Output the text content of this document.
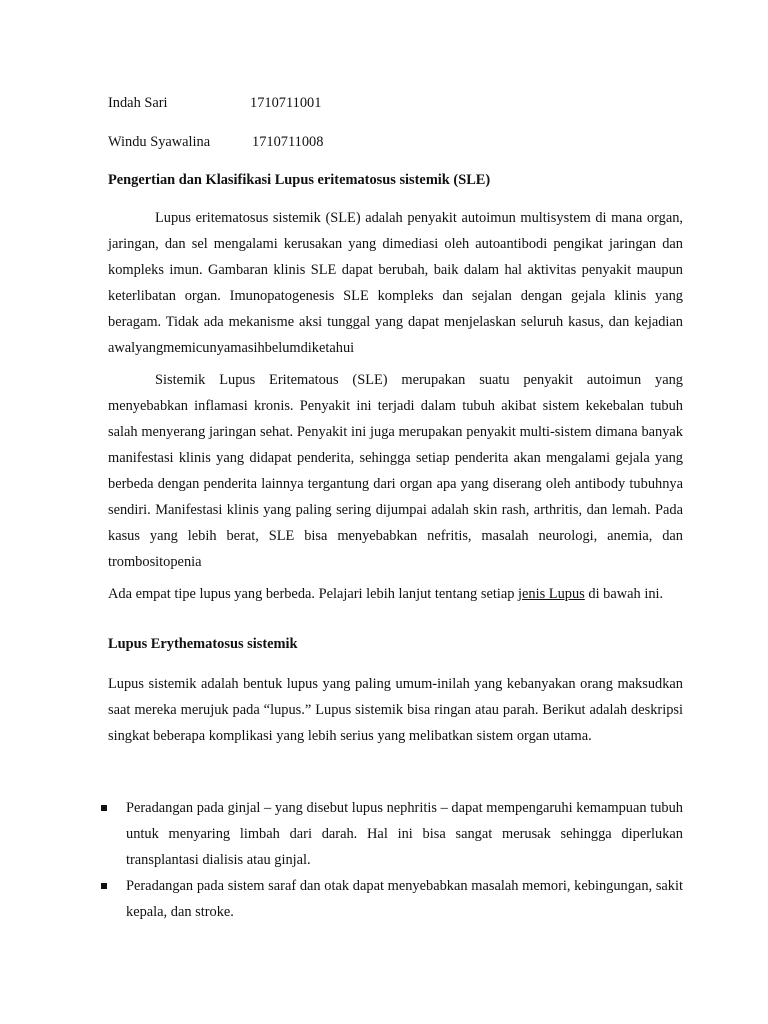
Indah Sari	1710711001
Windu Syawalina	1710711008
Pengertian dan Klasifikasi Lupus eritematosus sistemik (SLE)
Lupus eritematosus sistemik (SLE) adalah penyakit autoimun multisystem di mana organ, jaringan, dan sel mengalami kerusakan yang dimediasi oleh autoantibodi pengikat jaringan dan kompleks imun. Gambaran klinis SLE dapat berubah, baik dalam hal aktivitas penyakit maupun keterlibatan organ. Imunopatogenesis SLE kompleks dan sejalan dengan gejala klinis yang beragam. Tidak ada mekanisme aksi tunggal yang dapat menjelaskan seluruh kasus, dan kejadian awalyangmemicunyamasihbelumdiketahui
Sistemik Lupus Eritematous (SLE) merupakan suatu penyakit autoimun yang menyebabkan inflamasi kronis. Penyakit ini terjadi dalam tubuh akibat sistem kekebalan tubuh salah menyerang jaringan sehat. Penyakit ini juga merupakan penyakit multi-sistem dimana banyak manifestasi klinis yang didapat penderita, sehingga setiap penderita akan mengalami gejala yang berbeda dengan penderita lainnya tergantung dari organ apa yang diserang oleh antibody tubuhnya sendiri. Manifestasi klinis yang paling sering dijumpai adalah skin rash, arthritis, dan lemah. Pada kasus yang lebih berat, SLE bisa menyebabkan nefritis, masalah neurologi, anemia, dan trombositopenia
Ada empat tipe lupus yang berbeda. Pelajari lebih lanjut tentang setiap jenis Lupus di bawah ini.
Lupus Erythematosus sistemik
Lupus sistemik adalah bentuk lupus yang paling umum-inilah yang kebanyakan orang maksudkan saat mereka merujuk pada “lupus.” Lupus sistemik bisa ringan atau parah. Berikut adalah deskripsi singkat beberapa komplikasi yang lebih serius yang melibatkan sistem organ utama.
Peradangan pada ginjal – yang disebut lupus nephritis – dapat mempengaruhi kemampuan tubuh untuk menyaring limbah dari darah. Hal ini bisa sangat merusak sehingga diperlukan transplantasi dialisis atau ginjal.
Peradangan pada sistem saraf dan otak dapat menyebabkan masalah memori, kebingungan, sakit kepala, dan stroke.
